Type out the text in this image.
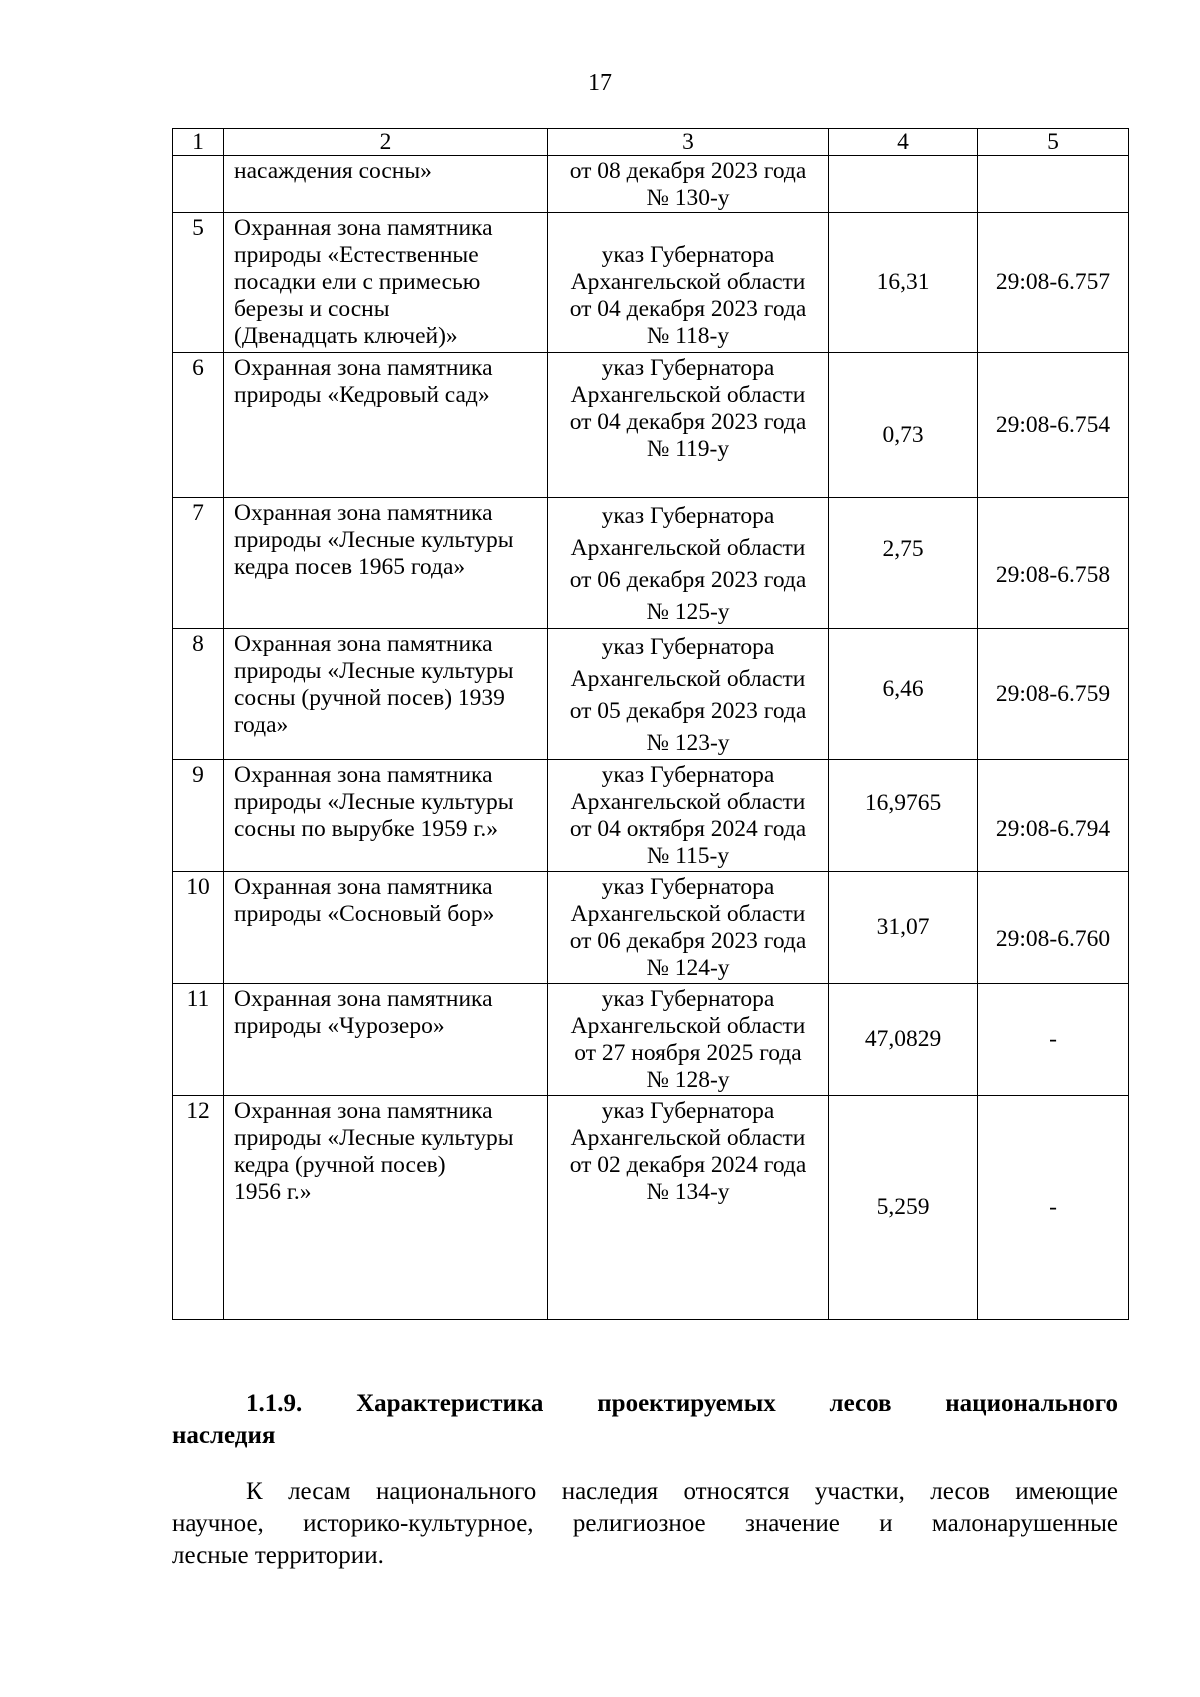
17
1	2	3	4	5

	насаждения сосны»	от 08 декабря 2023 года
№ 130-у		

5	Охранная зона памятника
природы «Естественные
посадки ели с примесью
березы и сосны
(Двенадцать ключей)»	указ Губернатора
Архангельской области
от 04 декабря 2023 года
№ 118-у	16,31	29:08-6.757
6	Охранная зона памятника
природы «Кедровый сад»	указ Губернатора
Архангельской области
от 04 декабря 2023 года
№ 119-у	0,73	29:08-6.754
7	Охранная зона памятника
природы «Лесные культуры
кедра посев 1965 года»	указ Губернатора
Архангельской области
от 06 декабря 2023 года
№ 125-у	2,75	29:08-6.758
8	Охранная зона памятника
природы «Лесные культуры
сосны (ручной посев) 1939
года»	указ Губернатора
Архангельской области
от 05 декабря 2023 года
№ 123-у	6,46	29:08-6.759
9	Охранная зона памятника
природы «Лесные культуры
сосны по вырубке 1959 г.»	указ Губернатора
Архангельской области
от 04 октября 2024 года
№ 115-у	16,9765	29:08-6.794
10	Охранная зона памятника
природы «Сосновый бор»	указ Губернатора
Архангельской области
от 06 декабря 2023 года
№ 124-у	31,07	29:08-6.760
11	Охранная зона памятника
природы «Чурозеро»	указ Губернатора
Архангельской области
от 27 ноября 2025 года
№ 128-у	47,0829	-
12	Охранная зона памятника
природы «Лесные культуры
кедра (ручной посев)
1956 г.»	указ Губернатора
Архангельской области
от 02 декабря 2024 года
№ 134-у	5,259	-
1.1.9. Характеристика проектируемых лесов национального
наследия
К лесам национального наследия относятся участки, лесов имеющие
научное, историко-культурное, религиозное значение и малонарушенные
лесные территории.
